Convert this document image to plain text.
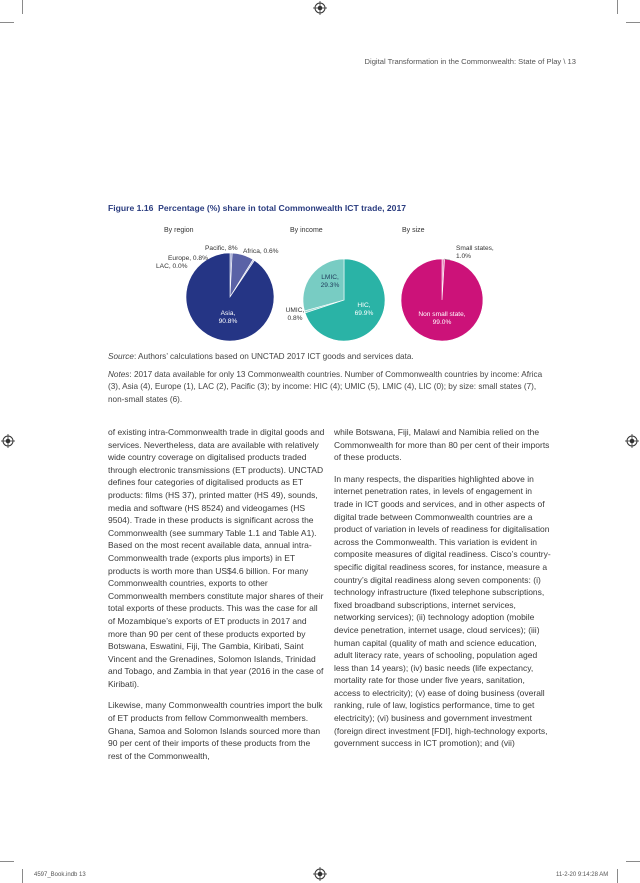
Digital Transformation in the Commonwealth: State of Play \ 13
Figure 1.16 Percentage (%) share in total Commonwealth ICT trade, 2017
By region	By income	By size
Asia, 90.8%
LAC, 0.0%
Europe, 0.8%
Pacific, 8% Africa, 0.6%
HIC, 69.9%
UMIC, 0.8%
LMIC, 29.3%
Non small state, 99.0%
Small states, 1.0%
Source: Authors’ calculations based on UNCTAD 2017 ICT goods and services data.
Notes: 2017 data available for only 13 Commonwealth countries. Number of Commonwealth countries by income: Africa (3), Asia (4), Europe (1), LAC (2), Pacific (3); by income: HIC (4); UMIC (5), LMIC (4), LIC (0); by size: small states (7), non-small states (6).

of existing intra-Commonwealth trade in digital goods and services. Nevertheless, data are available with relatively wide country coverage on digitalised products traded through electronic transmissions (ET products). UNCTAD defines four categories of digitalised products as ET products: films (HS 37), printed matter (HS 49), sounds, media and software (HS 8524) and videogames (HS 9504). Trade in these products is significant across the Commonwealth (see summary Table 1.1 and Table A1). Based on the most recent available data, annual intra-Commonwealth trade (exports plus imports) in ET products is worth more than US$4.6 billion. For many Commonwealth countries, exports to other Commonwealth members constitute major shares of their total exports of these products. This was the case for all of Mozambique’s exports of ET products in 2017 and more than 90 per cent of these products exported by Botswana, Eswatini, Fiji, The Gambia, Kiribati, Saint Vincent and the Grenadines, Solomon Islands, Trinidad and Tobago, and Zambia in that year (2016 in the case of Kiribati).

Likewise, many Commonwealth countries import the bulk of ET products from fellow Commonwealth members. Ghana, Samoa and Solomon Islands sourced more than 90 per cent of their imports of these products from the rest of the Commonwealth,

while Botswana, Fiji, Malawi and Namibia relied on the Commonwealth for more than 80 per cent of their imports of these products.

In many respects, the disparities highlighted above in internet penetration rates, in levels of engagement in trade in ICT goods and services, and in other aspects of digital trade between Commonwealth countries are a product of variation in levels of readiness for digitalisation across the Commonwealth. This variation is evident in composite measures of digital readiness. Cisco’s country-specific digital readiness scores, for instance, measure a country’s digital readiness along seven components: (i) technology infrastructure (fixed telephone subscriptions, fixed broadband subscriptions, internet services, networking services); (ii) technology adoption (mobile device penetration, internet usage, cloud services); (iii) human capital (quality of math and science education, adult literacy rate, years of schooling, population aged less than 14 years); (iv) basic needs (life expectancy, mortality rate for those under five years, sanitation, access to electricity); (v) ease of doing business (overall ranking, rule of law, logistics performance, time to get electricity); (vi) business and government investment (foreign direct investment [FDI], high-technology exports, government success in ICT promotion); and (vii)

4597_Book.indb 13	11-2-20 9:14:28 AM
